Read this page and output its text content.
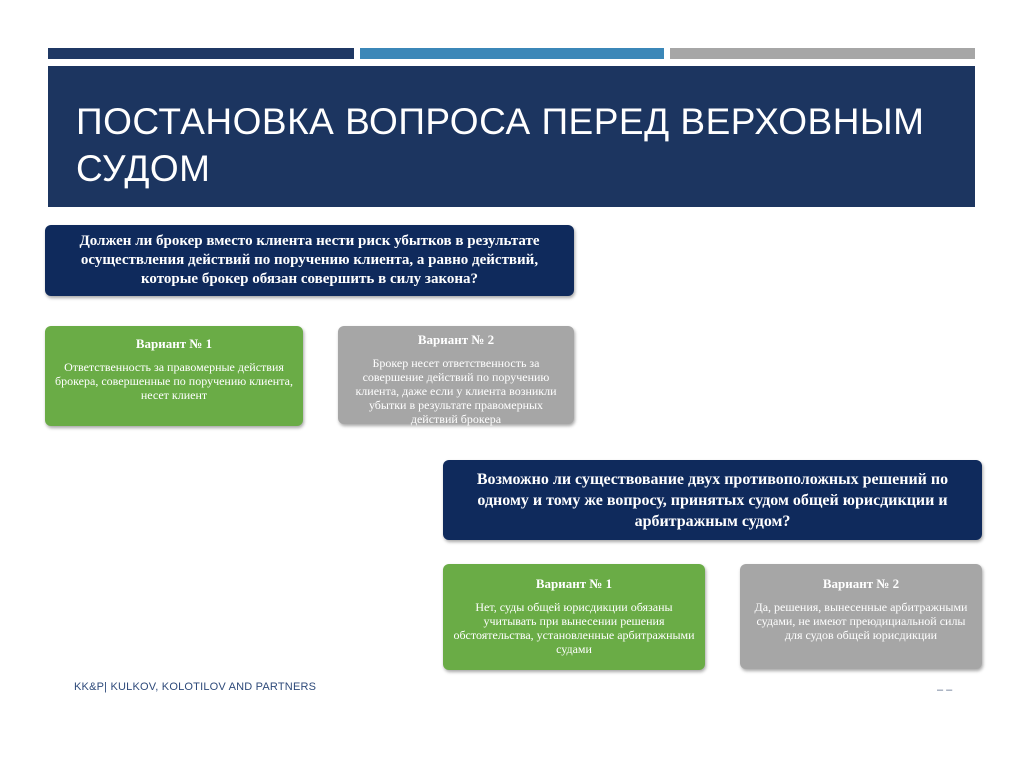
ПОСТАНОВКА ВОПРОСА ПЕРЕД ВЕРХОВНЫМ СУДОМ
Должен ли брокер вместо клиента нести риск убытков в результате осуществления действий по поручению клиента, а равно действий, которые брокер обязан совершить в силу закона?
Вариант № 1
Ответственность за правомерные действия брокера, совершенные по поручению клиента, несет клиент
Вариант № 2
Брокер несет ответственность за совершение действий по поручению клиента, даже если у клиента возникли убытки в результате правомерных действий брокера
Возможно ли существование двух противоположных решений по одному и тому же вопросу, принятых судом общей юрисдикции и арбитражным судом?
Вариант № 1
Нет, суды общей юрисдикции обязаны учитывать при вынесении решения обстоятельства, установленные арбитражными судами
Вариант № 2
Да, решения, вынесенные арбитражными судами, не имеют преюдициальной силы для судов общей юрисдикции
KK&P| KULKOV, KOLOTILOV AND PARTNERS	– –
